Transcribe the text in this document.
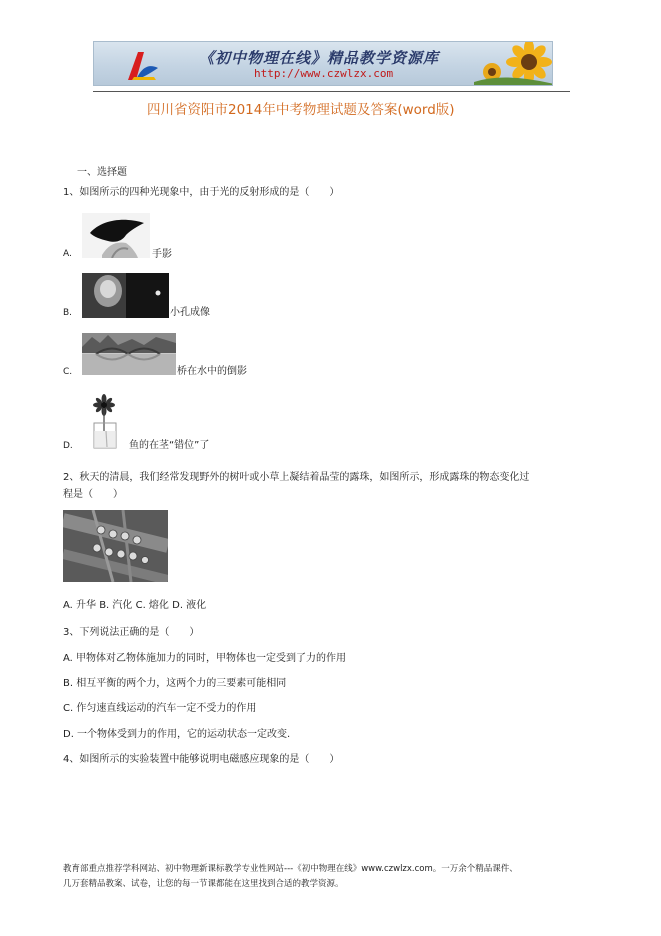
《初中物理在线》精品教学资源库
http://www.czwlzx.com
四川省资阳市2014年中考物理试题及答案(word版)
一、选择题
1、如图所示的四种光现象中，由于光的反射形成的是（　　）
A.	手影
B.	小孔成像
C.	桥在水中的倒影
D.	鱼的在茎“错位”了
2、秋天的清晨，我们经常发现野外的树叶或小草上凝结着晶莹的露珠，如图所示，形成露珠的物态变化过
程是（　　）
A. 升华 B. 汽化 C. 熔化 D. 液化
3、下列说法正确的是（　　）
A. 甲物体对乙物体施加力的同时，甲物体也一定受到了力的作用
B. 相互平衡的两个力，这两个力的三要素可能相同
C. 作匀速直线运动的汽车一定不受力的作用
D. 一个物体受到力的作用，它的运动状态一定改变.
4、如图所示的实验装置中能够说明电磁感应现象的是（　　）
教育部重点推荐学科网站、初中物理新课标教学专业性网站---《初中物理在线》www.czwlzx.com。一万余个精品课件、
几万套精品教案、试卷，让您的每一节课都能在这里找到合适的教学资源。
